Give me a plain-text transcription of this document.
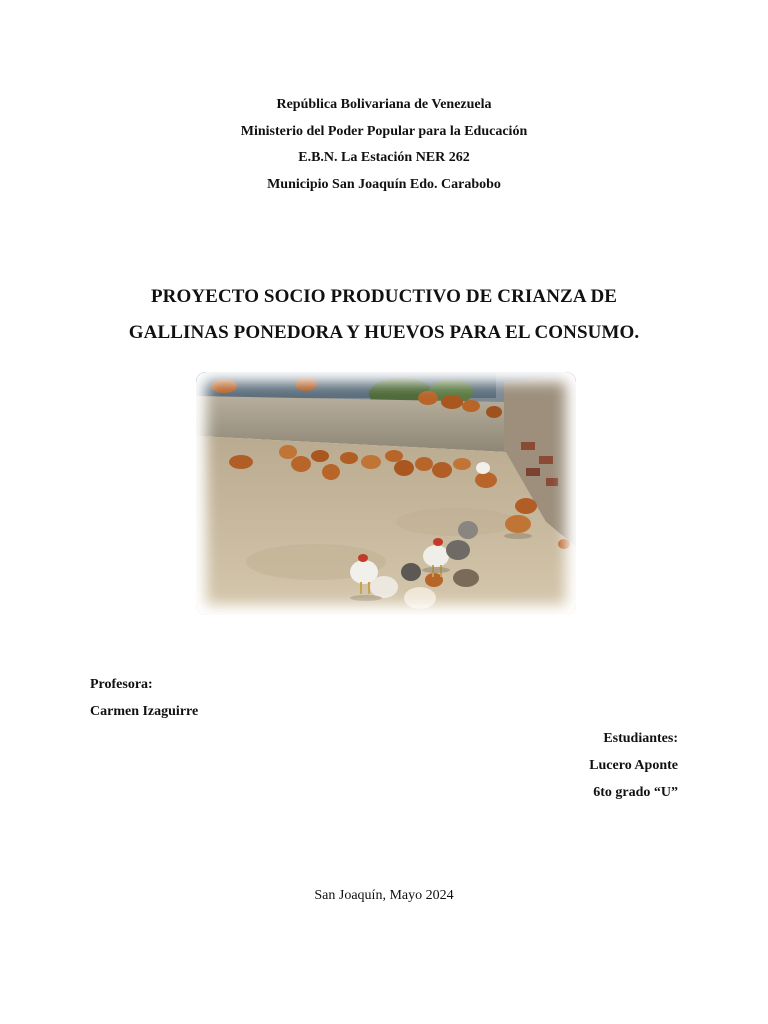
República Bolivariana de Venezuela
Ministerio del Poder Popular para la Educación
E.B.N. La Estación NER 262
Municipio San Joaquín Edo. Carabobo
PROYECTO SOCIO PRODUCTIVO DE CRIANZA DE
GALLINAS PONEDORA Y HUEVOS PARA EL CONSUMO.
Profesora:
Carmen Izaguirre
Estudiantes:
Lucero Aponte
6to grado “U”
San Joaquín, Mayo 2024
